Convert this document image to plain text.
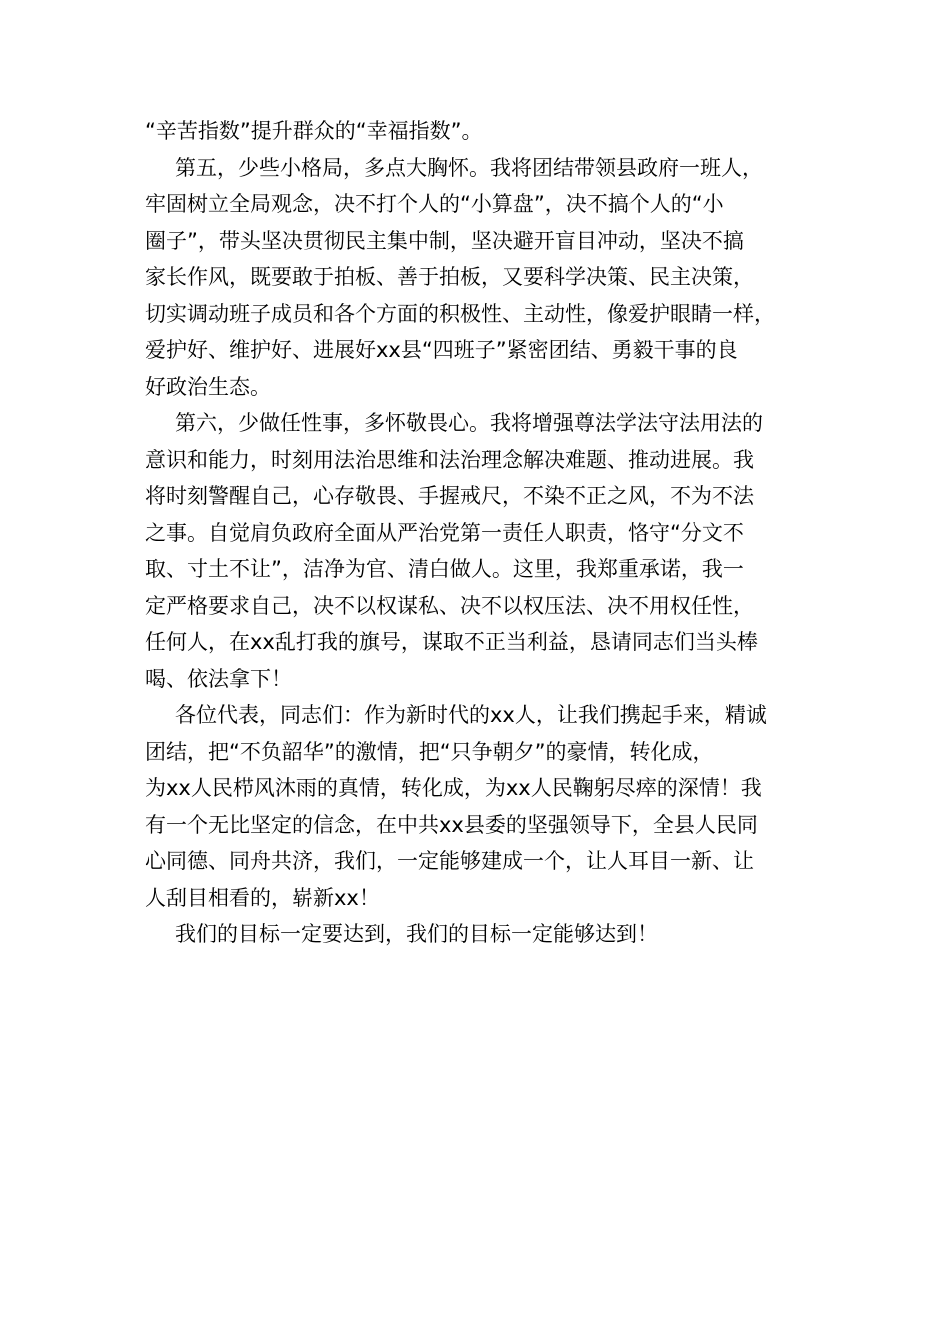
“辛苦指数”提升群众的“幸福指数”。
第五，少些小格局，多点大胸怀。我将团结带领县政府一班人，
牢固树立全局观念，决不打个人的“小算盘”，决不搞个人的“小
圈子”，带头坚决贯彻民主集中制，坚决避开盲目冲动，坚决不搞
家长作风，既要敢于拍板、善于拍板，又要科学决策、民主决策，
切实调动班子成员和各个方面的积极性、主动性，像爱护眼睛一样，
爱护好、维护好、进展好xx县“四班子”紧密团结、勇毅干事的良
好政治生态。
第六，少做任性事，多怀敬畏心。我将增强尊法学法守法用法的
意识和能力，时刻用法治思维和法治理念解决难题、推动进展。我
将时刻警醒自己，心存敬畏、手握戒尺，不染不正之风，不为不法
之事。自觉肩负政府全面从严治党第一责任人职责，恪守“分文不
取、寸土不让”，洁净为官、清白做人。这里，我郑重承诺，我一
定严格要求自己，决不以权谋私、决不以权压法、决不用权任性，
任何人，在xx乱打我的旗号，谋取不正当利益，恳请同志们当头棒
喝、依法拿下！
各位代表，同志们：作为新时代的xx人，让我们携起手来，精诚
团结，把“不负韶华”的激情，把“只争朝夕”的豪情，转化成，
为xx人民栉风沐雨的真情，转化成，为xx人民鞠躬尽瘁的深情！我
有一个无比坚定的信念，在中共xx县委的坚强领导下，全县人民同
心同德、同舟共济，我们，一定能够建成一个，让人耳目一新、让
人刮目相看的，崭新xx！
我们的目标一定要达到，我们的目标一定能够达到！
